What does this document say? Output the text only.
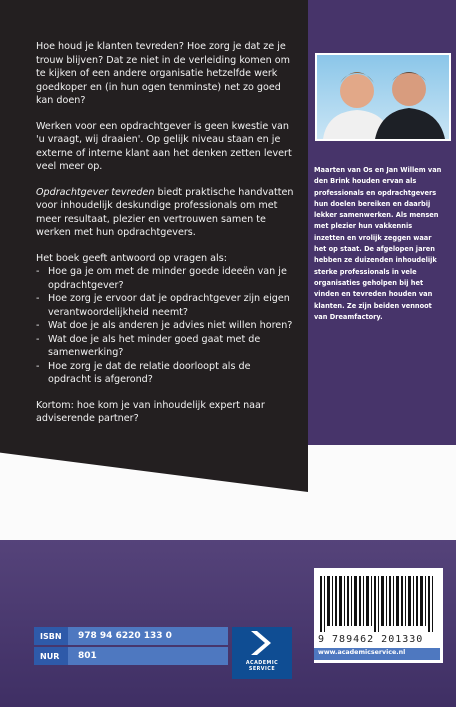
Hoe houd je klanten tevreden? Hoe zorg je dat ze je trouw blijven? Dat ze niet in de verleiding komen om te kijken of een andere organisatie hetzelfde werk goedkoper en (in hun ogen tenminste) net zo goed kan doen?

Werken voor een opdrachtgever is geen kwestie van 'u vraagt, wij draaien'. Op gelijk niveau staan en je externe of interne klant aan het denken zetten levert veel meer op.

Opdrachtgever tevreden biedt praktische handvatten voor inhoudelijk deskundige professionals om met meer resultaat, plezier en vertrouwen samen te werken met hun opdrachtgevers.

Het boek geeft antwoord op vragen als:
- Hoe ga je om met de minder goede ideeën van je opdrachtgever?
- Hoe zorg je ervoor dat je opdrachtgever zijn eigen verantwoordelijkheid neemt?
- Wat doe je als anderen je advies niet willen horen?
- Wat doe je als het minder goed gaat met de samenwerking?
- Hoe zorg je dat de relatie doorloopt als de opdracht is afgerond?

Kortom: hoe kom je van inhoudelijk expert naar adviserende partner?

Maarten van Os en Jan Willem van den Brink houden ervan als professionals en opdrachtgevers hun doelen bereiken en daarbij lekker samenwerken. Als mensen met plezier hun vakkennis inzetten en vrolijk zeggen waar het op staat. De afgelopen jaren hebben ze duizenden inhoudelijk sterke professionals in vele organisaties geholpen bij het vinden en tevreden houden van klanten. Ze zijn beiden vennoot van Dreamfactory.
ISBN	978 94 6220 133 0
NUR	801
ACADEMIC SERVICE
9 789462 201330
www.academicservice.nl
